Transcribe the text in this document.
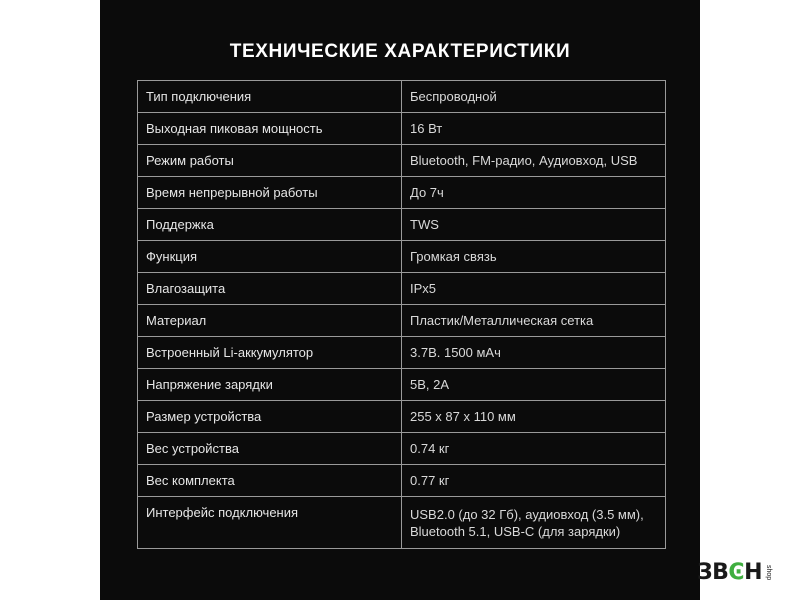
ТЕХНИЧЕСКИЕ ХАРАКТЕРИСТИКИ
Тип подключения	Беспроводной
Выходная пиковая мощность	16 Вт
Режим работы	Bluetooth, FM-радио, Аудиовход, USB
Время непрерывной работы	До 7ч
Поддержка	TWS
Функция	Громкая связь
Влагозащита	IPx5
Материал	Пластик/Металлическая сетка
Встроенный Li-аккумулятор	3.7В. 1500 мАч
Напряжение зарядки	5В, 2А
Размер устройства	255 x 87 x 110 мм
Вес устройства	0.74 кг
Вес комплекта	0.77 кг
Интерфейс подключения	USB2.0 (до 32 Гб), аудиовход (3.5 мм),
Bluetooth 5.1, USB-C (для зарядки)
ЗВϾН shop
